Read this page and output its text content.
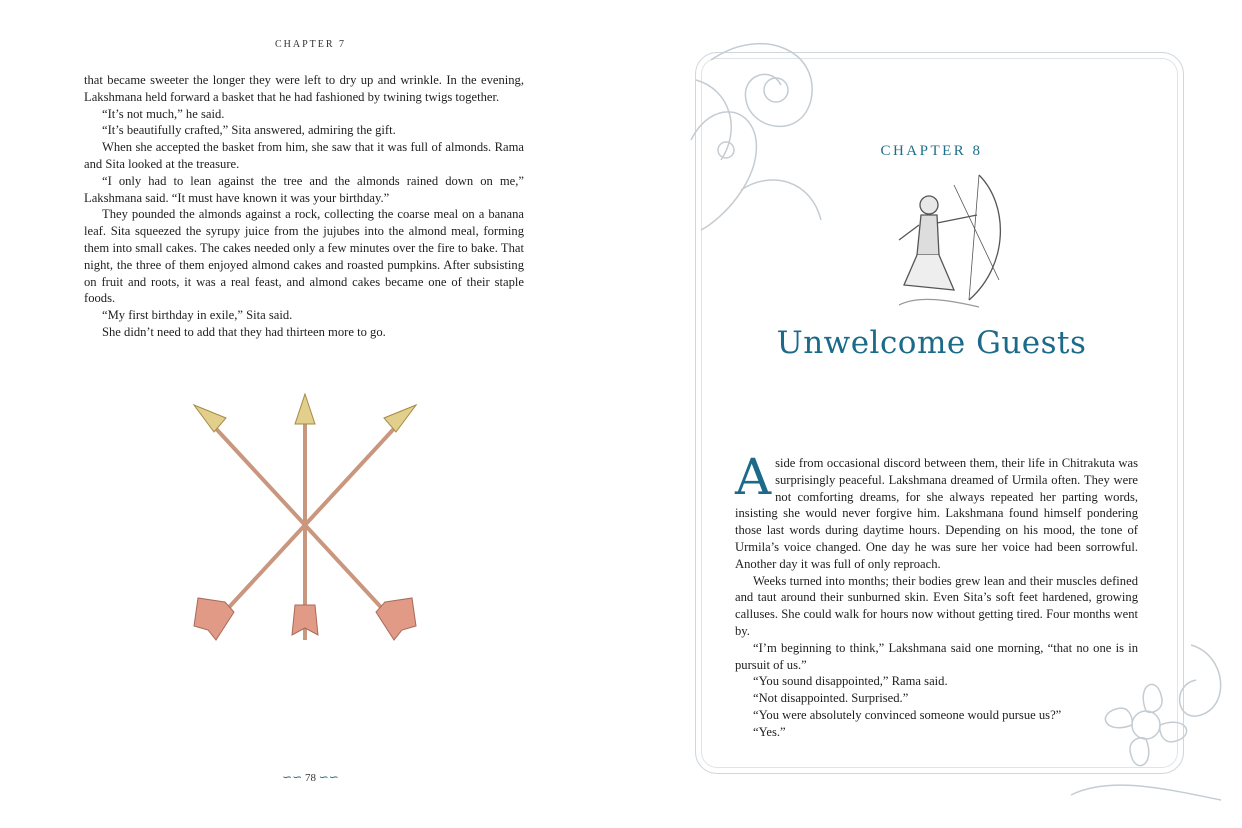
CHAPTER 7

that became sweeter the longer they were left to dry up and wrinkle. In the evening, Lakshmana held forward a basket that he had fashioned by twining twigs together.

“It’s not much,” he said.

“It’s beautifully crafted,” Sita answered, admiring the gift.

When she accepted the basket from him, she saw that it was full of almonds. Rama and Sita looked at the treasure.

“I only had to lean against the tree and the almonds rained down on me,” Lakshmana said. “It must have known it was your birthday.”

They pounded the almonds against a rock, collecting the coarse meal on a banana leaf. Sita squeezed the syrupy juice from the jujubes into the almond meal, forming them into small cakes. The cakes needed only a few minutes over the fire to bake. That night, the three of them enjoyed almond cakes and roasted pumpkins. After subsisting on fruit and roots, it was a real feast, and almond cakes became one of their staple foods.

“My first birthday in exile,” Sita said.

She didn’t need to add that they had thirteen more to go.

∽∽ 78 ∽∽
CHAPTER 8
Unwelcome Guests

Aside from occasional discord between them, their life in Chitrakuta was surprisingly peaceful. Lakshmana dreamed of Urmila often. They were not comforting dreams, for she always repeated her parting words, insisting she would never forgive him. Lakshmana found himself pondering those last words during daytime hours. Depending on his mood, the tone of Urmila’s voice changed. One day he was sure her voice had been sorrowful. Another day it was full of only reproach.

Weeks turned into months; their bodies grew lean and their muscles defined and taut around their sunburned skin. Even Sita’s soft feet hardened, growing calluses. She could walk for hours now without getting tired. Four months went by.

“I’m beginning to think,” Lakshmana said one morning, “that no one is in pursuit of us.”

“You sound disappointed,” Rama said.

“Not disappointed. Surprised.”

“You were absolutely convinced someone would pursue us?”

“Yes.”
